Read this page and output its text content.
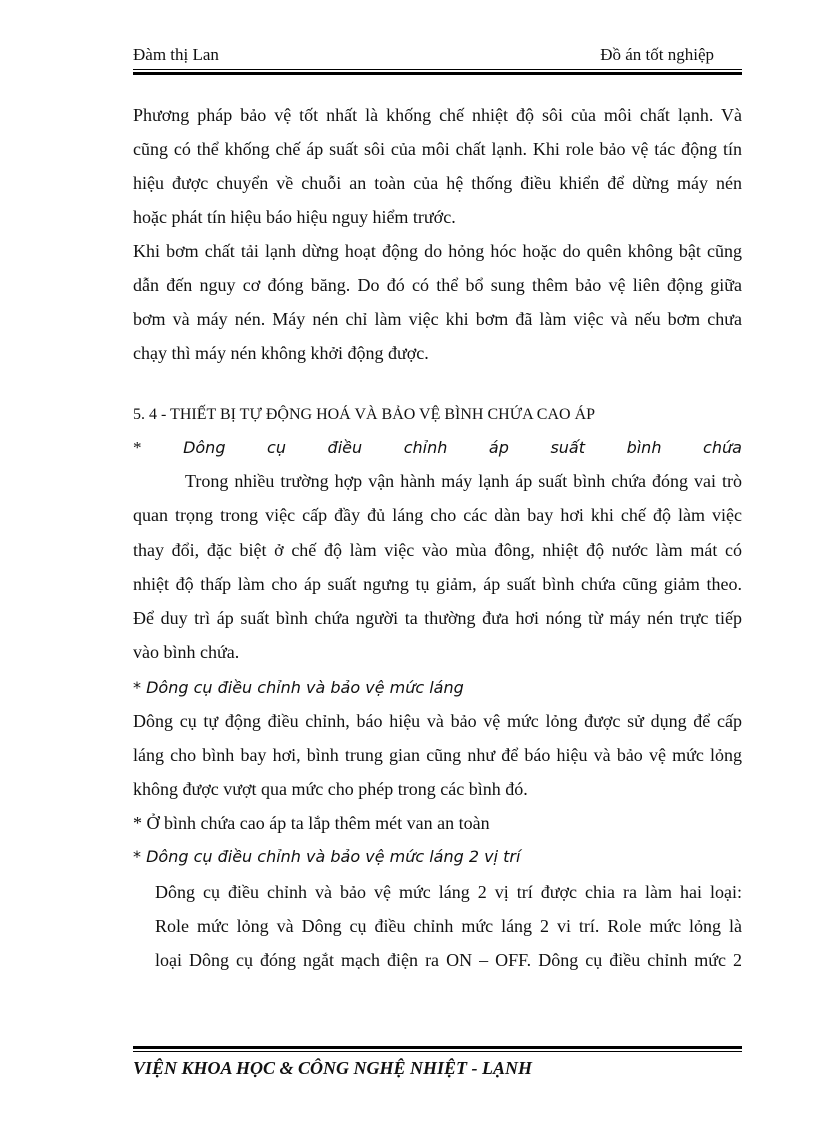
Đàm thị Lan	Đồ án tốt nghiệp
Phương pháp bảo vệ tốt nhất là khống chế nhiệt độ sôi của môi chất lạnh. Và
cũng có thể khống chế áp suất sôi của môi chất lạnh. Khi role bảo vệ tác động tín
hiệu được chuyển về chuỗi an toàn của hệ thống điều khiển để dừng máy nén
hoặc phát tín hiệu báo hiệu nguy hiểm trước.
Khi bơm chất tải lạnh dừng hoạt động do hỏng hóc hoặc do quên không bật cũng
dẫn đến nguy cơ đóng băng. Do đó có thể bổ sung thêm bảo vệ liên động giữa
bơm và máy nén. Máy nén chỉ làm việc khi bơm đã làm việc và nếu bơm chưa
chạy thì máy nén không khởi động được.
5. 4 - THIẾT BỊ TỰ ĐỘNG HOÁ VÀ BẢO VỆ BÌNH CHỨA CAO ÁP
*	Dông	cụ	điều	chỉnh	áp	suất	bình	chứa
Trong nhiều trường hợp vận hành máy lạnh áp suất bình chứa đóng vai trò
quan trọng trong việc cấp đầy đủ láng cho các dàn bay hơi khi chế độ làm việc
thay đổi, đặc biệt ở chế độ làm việc vào mùa đông, nhiệt độ nước làm mát có
nhiệt độ thấp làm cho áp suất ngưng tụ giảm, áp suất bình chứa cũng giảm theo.
Để duy trì áp suất bình chứa người ta thường đưa hơi nóng từ máy nén trực tiếp
vào bình chứa.
* Dông cụ điều chỉnh và bảo vệ mức láng
Dông cụ tự động điều chỉnh, báo hiệu và bảo vệ mức lỏng được sử dụng để cấp
láng cho bình bay hơi, bình trung gian cũng như để báo hiệu và bảo vệ mức lỏng
không được vượt qua mức cho phép trong các bình đó.
* Ở bình chứa cao áp ta lắp thêm mét van an toàn
* Dông cụ điều chỉnh và bảo vệ mức láng 2 vị trí
Dông cụ điều chỉnh và bảo vệ mức láng 2 vị trí được chia ra làm hai loại:
Role mức lỏng và Dông cụ điều chỉnh mức láng 2 vi trí. Role mức lỏng là
loại Dông cụ đóng ngắt mạch điện ra ON – OFF. Dông cụ điều chỉnh mức 2
VIỆN KHOA HỌC & CÔNG NGHỆ NHIỆT - LẠNH
